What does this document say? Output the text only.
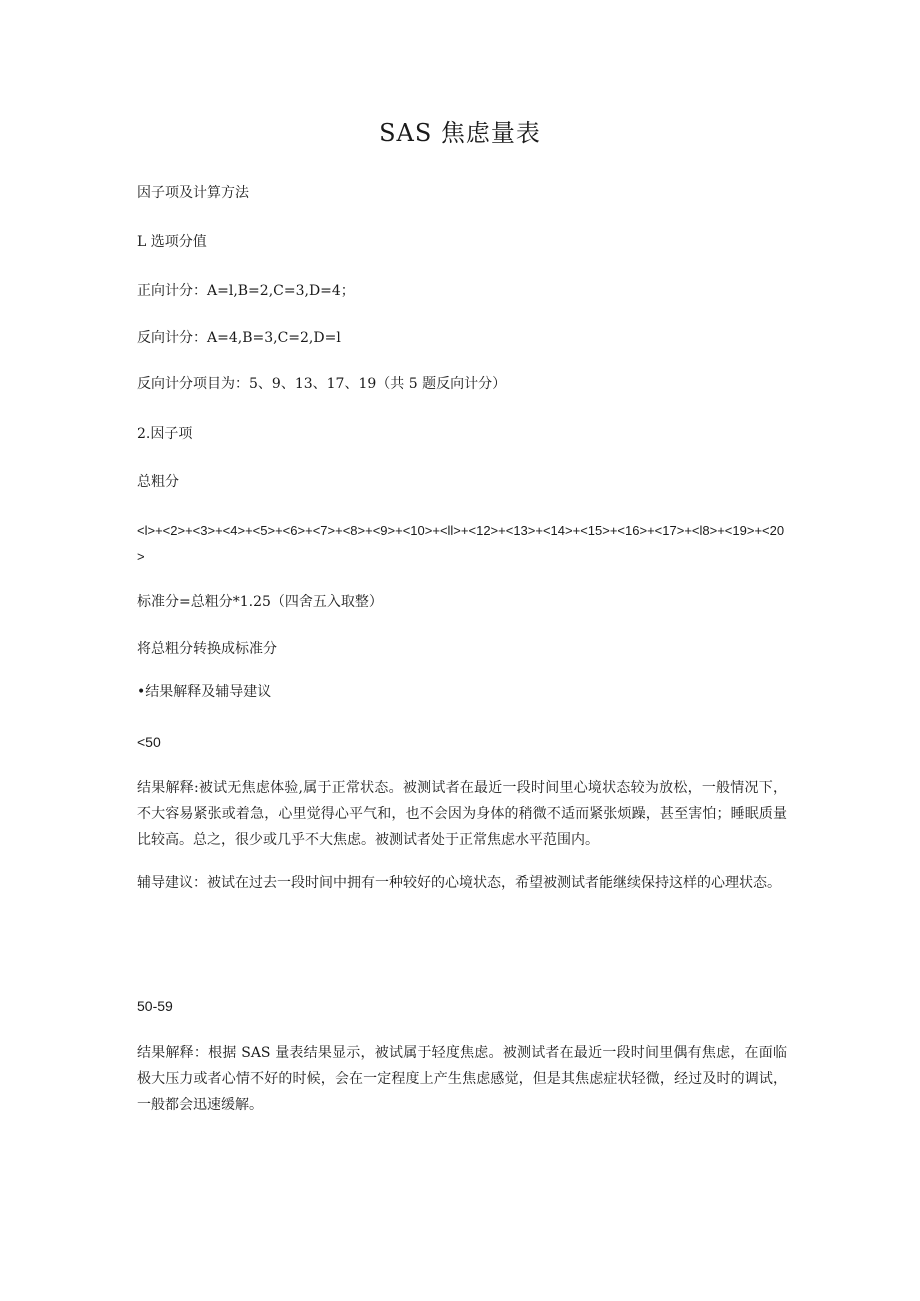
SAS 焦虑量表
因子项及计算方法
L 选项分值
正向计分：A=l,B=2,C=3,D=4；
反向计分：A=4,B=3,C=2,D=l
反向计分项目为：5、9、13、17、19（共 5 题反向计分）
2.因子项
总粗分
<l>+<2>+<3>+<4>+<5>+<6>+<7>+<8>+<9>+<10>+<ll>+<12>+<13>+<14>+<15>+<16>+<17>+<l8>+<19>+<20>
标准分=总粗分*1.25（四舍五入取整）
将总粗分转换成标准分
•结果解释及辅导建议
<50
结果解释:被试无焦虑体验,属于正常状态。被测试者在最近一段时间里心境状态较为放松，一般情况下，不大容易紧张或着急，心里觉得心平气和，也不会因为身体的稍微不适而紧张烦躁，甚至害怕；睡眠质量比较高。总之，很少或几乎不大焦虑。被测试者处于正常焦虑水平范围内。
辅导建议：被试在过去一段时间中拥有一种较好的心境状态，希望被测试者能继续保持这样的心理状态。
50-59
结果解释：根据 SAS 量表结果显示，被试属于轻度焦虑。被测试者在最近一段时间里偶有焦虑，在面临极大压力或者心情不好的时候，会在一定程度上产生焦虑感觉，但是其焦虑症状轻微，经过及时的调试，一般都会迅速缓解。
